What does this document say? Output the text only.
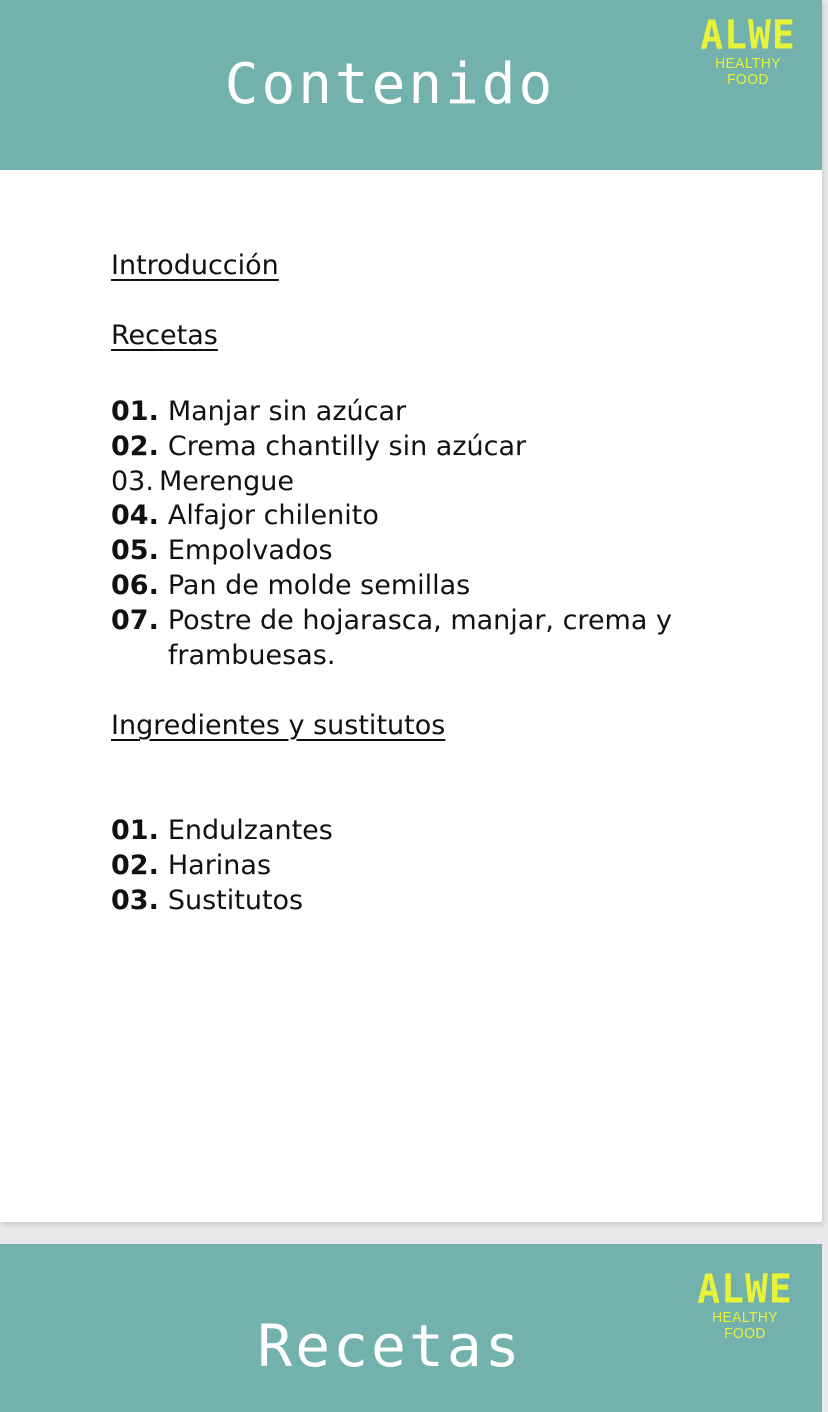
Contenido
ALWE
HEALTHY FOOD
Introducción
Recetas
01. Manjar sin azúcar
02. Crema chantilly sin azúcar
03. Merengue
04. Alfajor chilenito
05. Empolvados
06. Pan de molde semillas
07. Postre de hojarasca, manjar, crema y frambuesas.
Ingredientes y sustitutos
01. Endulzantes
02. Harinas
03. Sustitutos
Recetas
ALWE
HEALTHY FOOD
